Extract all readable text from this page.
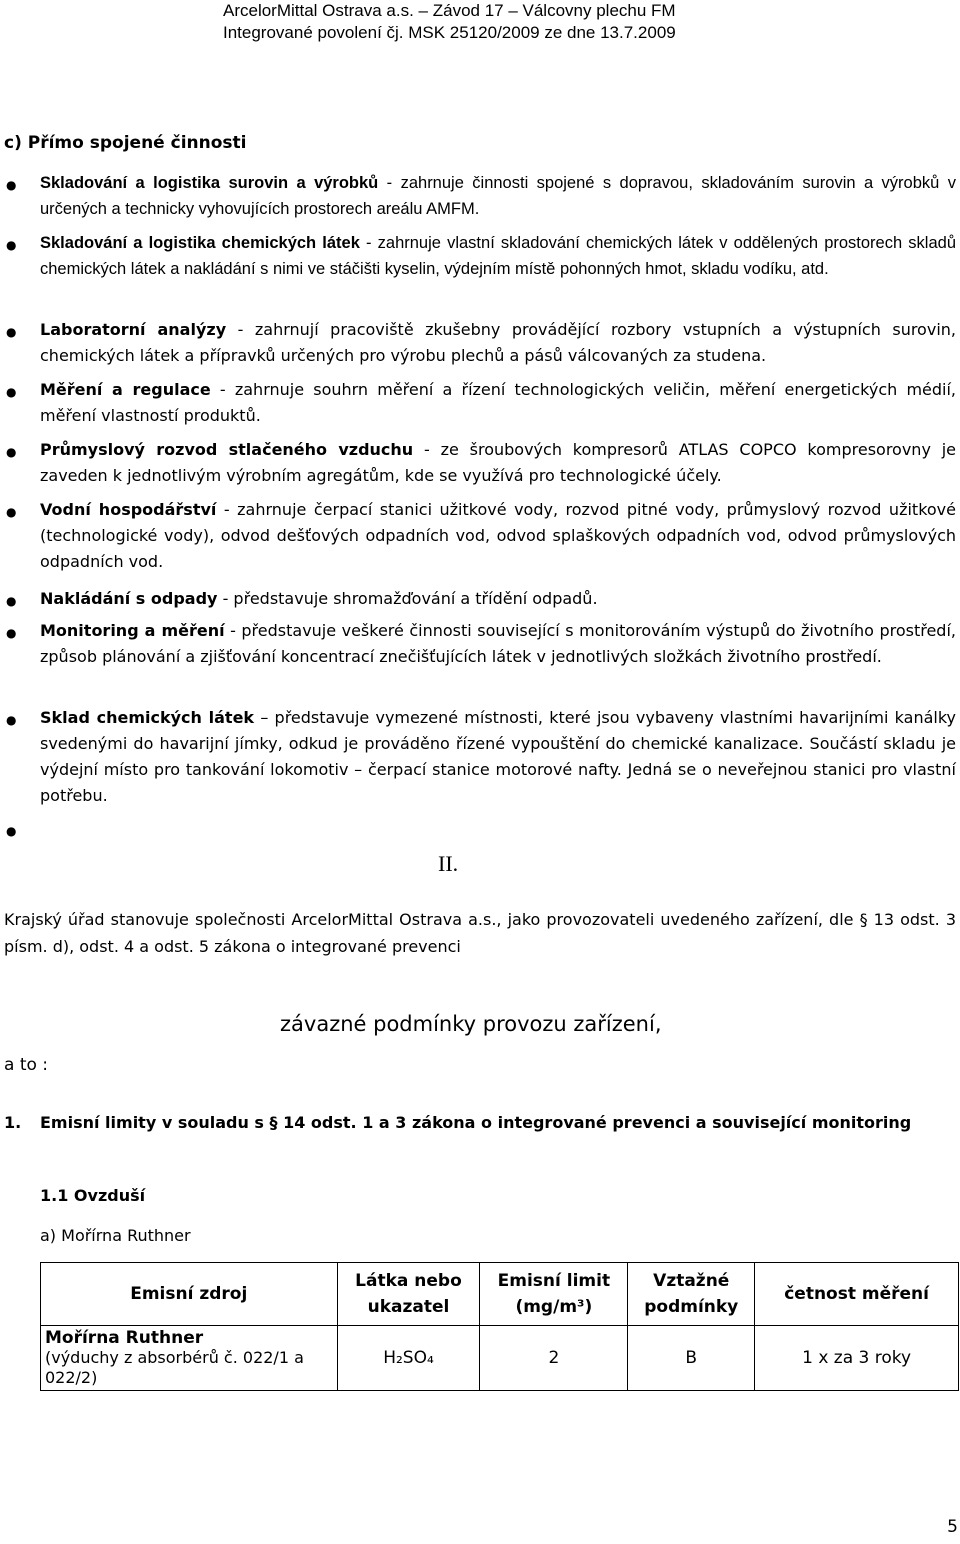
ArcelorMittal Ostrava a.s. – Závod 17 – Válcovny plechu FM
Integrované povolení čj. MSK 25120/2009 ze dne 13.7.2009
c) Přímo spojené činnosti
● Skladování a logistika surovin a výrobků - zahrnuje činnosti spojené s dopravou, skladováním surovin a výrobků v určených a technicky vyhovujících prostorech areálu AMFM.
● Skladování a logistika chemických látek - zahrnuje vlastní skladování chemických látek v oddělených prostorech skladů chemických látek a nakládání s nimi ve stáčišti kyselin, výdejním místě pohonných hmot, skladu vodíku, atd.
● Laboratorní analýzy - zahrnují pracoviště zkušebny provádějící rozbory vstupních a výstupních surovin, chemických látek a přípravků určených pro výrobu plechů a pásů válcovaných za studena.
● Měření a regulace - zahrnuje souhrn měření a řízení technologických veličin, měření energetických médií, měření vlastností produktů.
● Průmyslový rozvod stlačeného vzduchu - ze šroubových kompresorů ATLAS COPCO kompresorovny je zaveden k jednotlivým výrobním agregátům, kde se využívá pro technologické účely.
● Vodní hospodářství - zahrnuje čerpací stanici užitkové vody, rozvod pitné vody, průmyslový rozvod užitkové (technologické vody), odvod dešťových odpadních vod, odvod splaškových odpadních vod, odvod průmyslových odpadních vod.
● Nakládání s odpady - představuje shromažďování a třídění odpadů.
● Monitoring a měření - představuje veškeré činnosti související s monitorováním výstupů do životního prostředí, způsob plánování a zjišťování koncentrací znečišťujících látek v jednotlivých složkách životního prostředí.
● Sklad chemických látek – představuje vymezené místnosti, které jsou vybaveny vlastními havarijními kanálky svedenými do havarijní jímky, odkud je prováděno řízené vypouštění do chemické kanalizace. Součástí skladu je výdejní místo pro tankování lokomotiv – čerpací stanice motorové nafty. Jedná se o neveřejnou stanici pro vlastní potřebu.
●
II.
Krajský úřad stanovuje společnosti ArcelorMittal Ostrava a.s., jako provozovateli uvedeného zařízení, dle § 13 odst. 3 písm. d), odst. 4 a odst. 5 zákona o integrované prevenci
závazné podmínky provozu zařízení,
a to :
1. Emisní limity v souladu s § 14 odst. 1 a 3 zákona o integrované prevenci a související monitoring
1.1 Ovzduší
a) Mořírna Ruthner
Emisní zdroj	Látka nebo ukazatel	Emisní limit (mg/m³)	Vztažné podmínky	četnost měření
Mořírna Ruthner
(výduchy z absorbérů č. 022/1 a 022/2)	H₂SO₄	2	B	1 x za 3 roky
5
